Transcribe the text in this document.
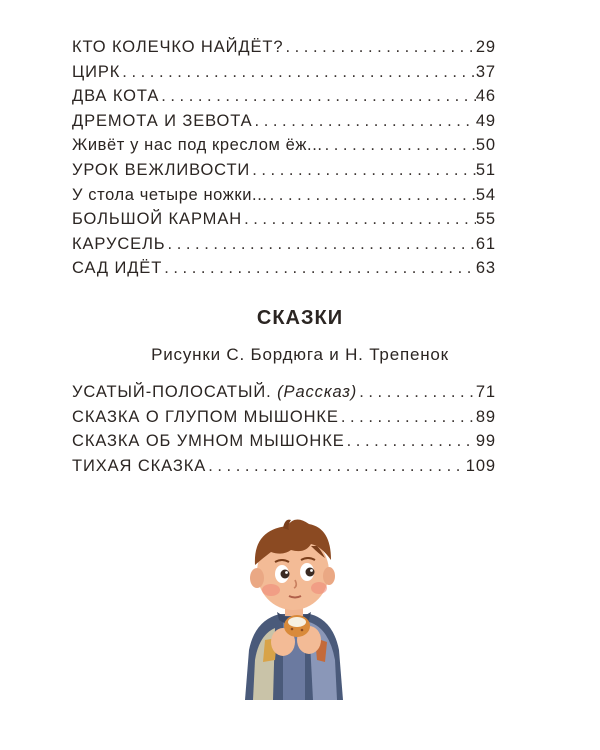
КТО КОЛЕЧКО НАЙДЁТ? . . .	29
ЦИРК . . .	37
ДВА КОТА . . .	46
ДРЕМОТА И ЗЕВОТА . . .	49
Живёт у нас под креслом ёж... . . .	50
УРОК ВЕЖЛИВОСТИ . . .	51
У стола четыре ножки... . . .	54
БОЛЬШОЙ КАРМАН . . .	55
КАРУСЕЛЬ . . .	61
САД ИДЁТ . . .	63
СКАЗКИ
Рисунки С. Бордюга и Н. Трепенок
УСАТЫЙ-ПОЛОСАТЫЙ. (Рассказ) . . .	71
СКАЗКА О ГЛУПОМ МЫШОНКЕ . . .	89
СКАЗКА ОБ УМНОМ МЫШОНКЕ . . .	99
ТИХАЯ СКАЗКА . . .	109
